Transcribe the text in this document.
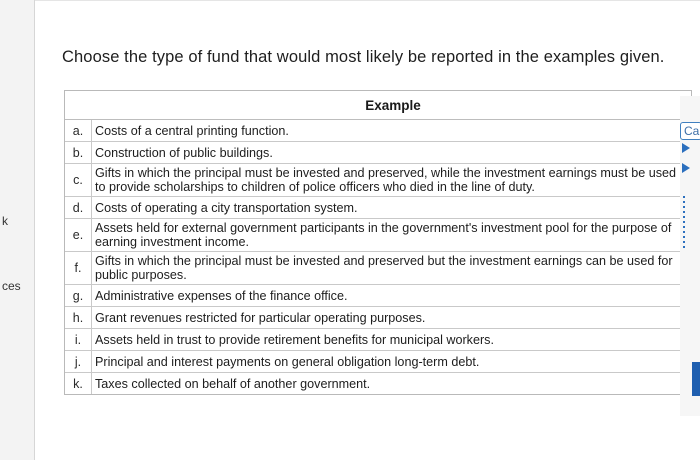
k
ces
Choose the type of fund that would most likely be reported in the examples given.
Example
a. Costs of a central printing function.
b. Construction of public buildings.
c. Gifts in which the principal must be invested and preserved, while the investment earnings must be used to provide scholarships to children of police officers who died in the line of duty.
d. Costs of operating a city transportation system.
e. Assets held for external government participants in the government's investment pool for the purpose of earning investment income.
f.	Gifts in which the principal must be invested and preserved but the investment earnings can be used for public purposes.
g. Administrative expenses of the finance office.
h. Grant revenues restricted for particular operating purposes.
i.	Assets held in trust to provide retirement benefits for municipal workers.
j.	Principal and interest payments on general obligation long-term debt.
k. Taxes collected on behalf of another government.
Ca
